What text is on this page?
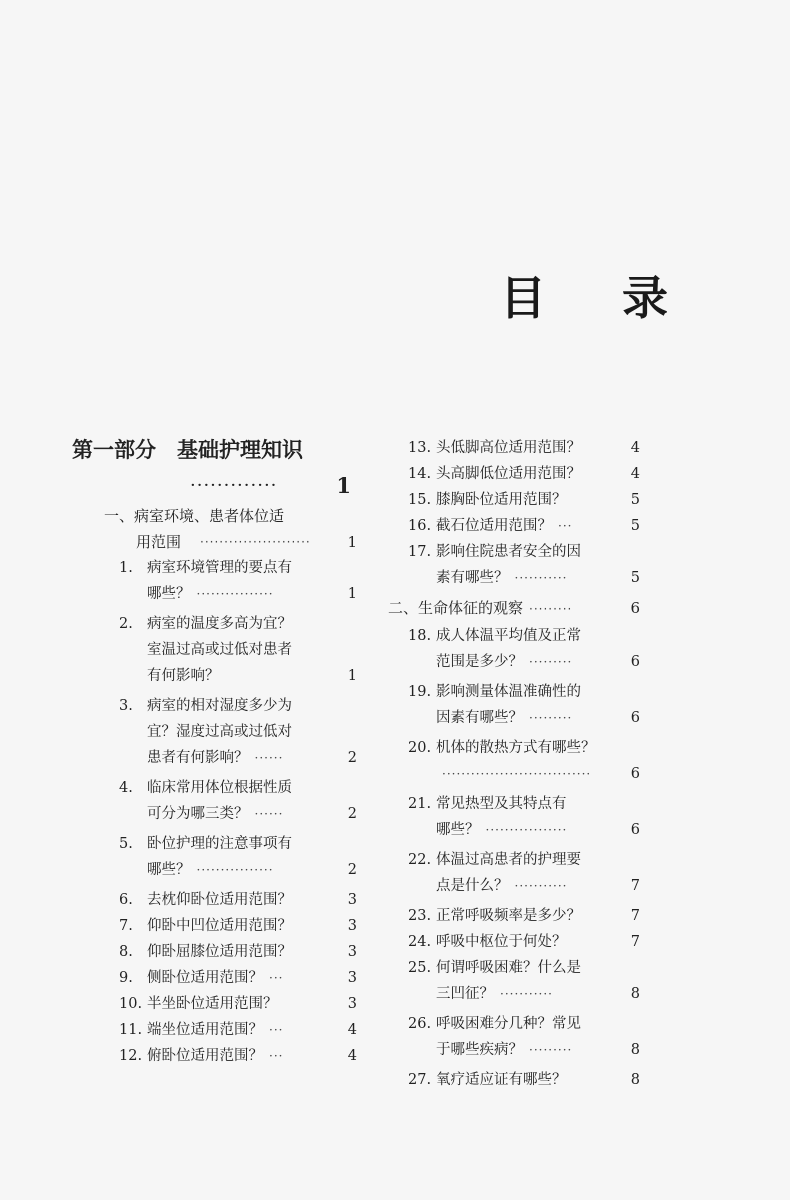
目 录
第一部分　基础护理知识
·············	1
一、病室环境、患者体位适
用范围 ·······················	1
1. 病室环境管理的要点有
哪些？ ················	1
2. 病室的温度多高为宜？
室温过高或过低对患者
有何影响？	1
3. 病室的相对湿度多少为
宜？湿度过高或过低对
患者有何影响？ ······	2
4. 临床常用体位根据性质
可分为哪三类？ ······	2
5. 卧位护理的注意事项有
哪些？ ················	2
6. 去枕仰卧位适用范围？	3
7. 仰卧中凹位适用范围？	3
8. 仰卧屈膝位适用范围？	3
9. 侧卧位适用范围？ ···	3
10. 半坐卧位适用范围？	3
11. 端坐位适用范围？ ···	4
12. 俯卧位适用范围？ ···	4
13. 头低脚高位适用范围？	4
14. 头高脚低位适用范围？	4
15. 膝胸卧位适用范围？	5
16. 截石位适用范围？ ···	5
17. 影响住院患者安全的因
素有哪些？ ···········	5
二、生命体征的观察 ·········	6
18. 成人体温平均值及正常
范围是多少？ ·········	6
19. 影响测量体温准确性的
因素有哪些？ ·········	6
20. 机体的散热方式有哪些？
·······························	6
21. 常见热型及其特点有
哪些？ ·················	6
22. 体温过高患者的护理要
点是什么？ ···········	7
23. 正常呼吸频率是多少？	7
24. 呼吸中枢位于何处？	7
25. 何谓呼吸困难？什么是
三凹征？ ···········	8
26. 呼吸困难分几种？常见
于哪些疾病？ ·········	8
27. 氧疗适应证有哪些？	8
